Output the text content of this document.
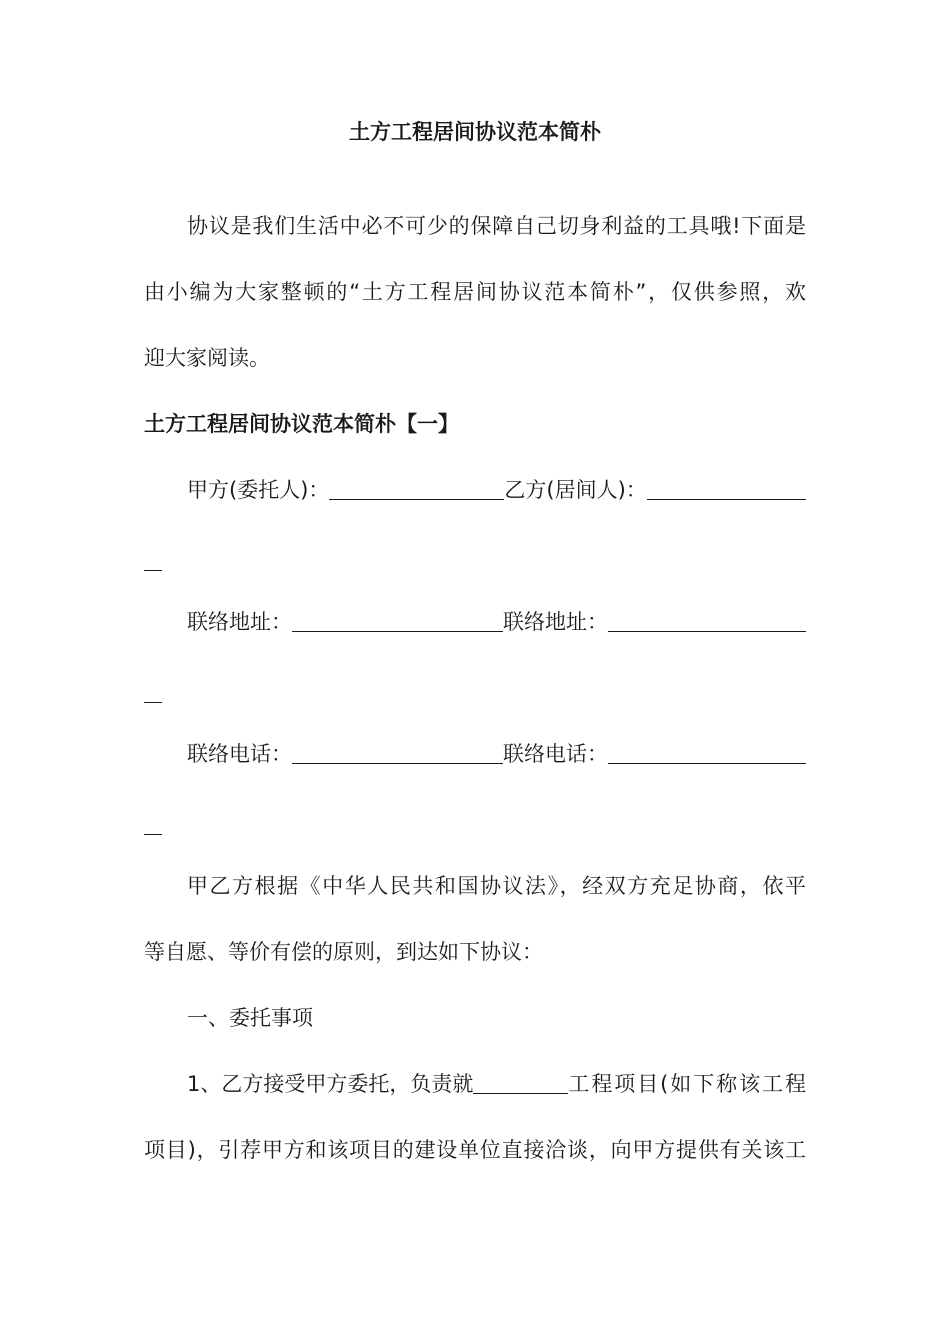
土方工程居间协议范本简朴
协议是我们生活中必不可少的保障自己切身利益的工具哦!下面是
由小编为大家整顿的“土方工程居间协议范本简朴”，仅供参照，欢
迎大家阅读。
土方工程居间协议范本简朴【一】
甲方(委托人)：	乙方(居间人)：
联络地址：	联络地址：
联络电话：	联络电话：
甲乙方根据《中华人民共和国协议法》，经双方充足协商，依平
等自愿、等价有偿的原则，到达如下协议：
一、委托事项
1、乙方接受甲方委托，负责就	工程项目(如下称该工程
项目)，引荐甲方和该项目的建设单位直接洽谈，向甲方提供有关该工
